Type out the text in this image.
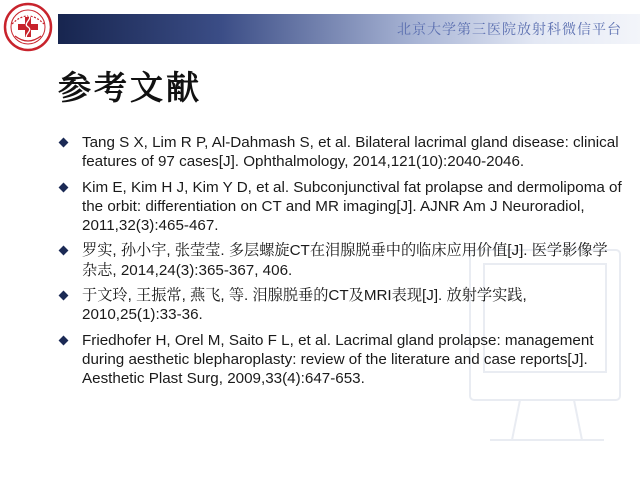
北京大学第三医院放射科微信平台
参考文献
Tang S X, Lim R P, Al-Dahmash S, et al. Bilateral lacrimal gland disease: clinical features of 97 cases[J]. Ophthalmology, 2014,121(10):2040-2046.
Kim E, Kim H J, Kim Y D, et al. Subconjunctival fat prolapse and dermolipoma of the orbit: differentiation on CT and MR imaging[J]. AJNR Am J Neuroradiol, 2011,32(3):465-467.
罗实, 孙小宇, 张莹莹. 多层螺旋CT在泪腺脱垂中的临床应用价值[J]. 医学影像学杂志, 2014,24(3):365-367, 406.
于文玲, 王振常, 燕飞, 等. 泪腺脱垂的CT及MRI表现[J]. 放射学实践, 2010,25(1):33-36.
Friedhofer H, Orel M, Saito F L, et al. Lacrimal gland prolapse: management during aesthetic blepharoplasty: review of the literature and case reports[J]. Aesthetic Plast Surg, 2009,33(4):647-653.
